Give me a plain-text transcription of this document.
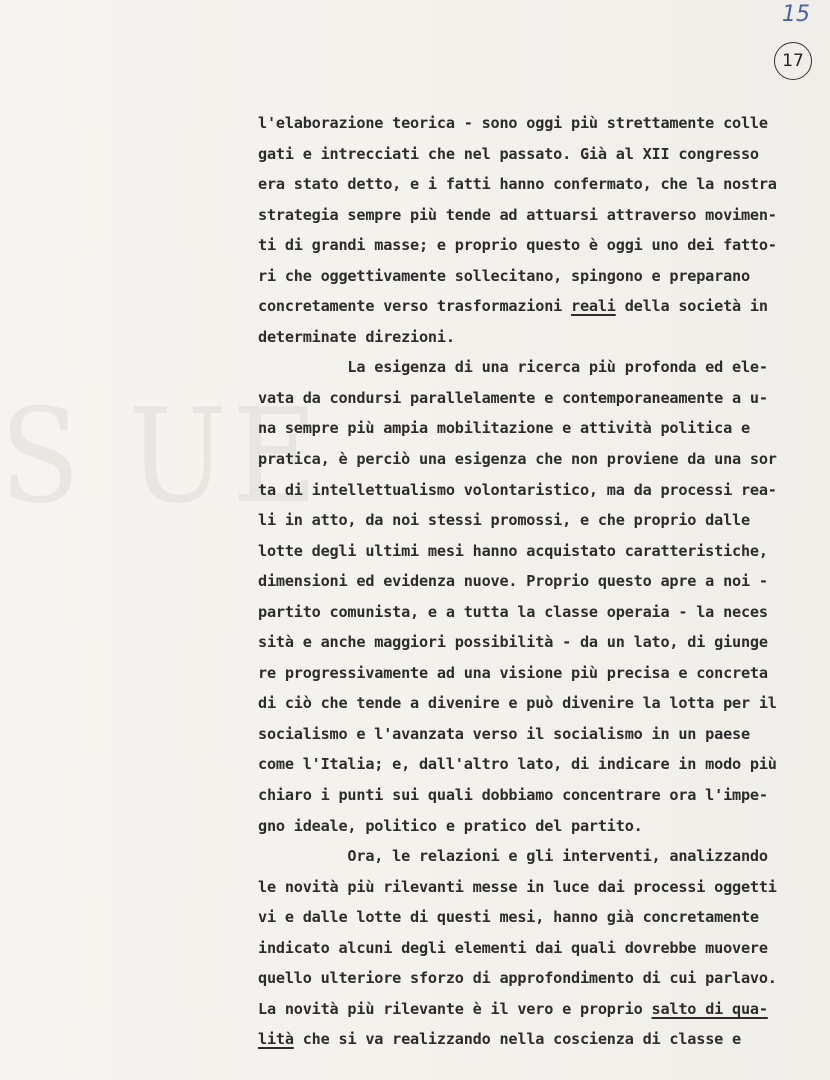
S UE
15
17
l'elaborazione teorica - sono oggi più strettamente colle
gati e intrecciati che nel passato. Già al XII congresso
era stato detto, e i fatti hanno confermato, che la nostra
strategia sempre più tende ad attuarsi attraverso movimen-
ti di grandi masse; e proprio questo è oggi uno dei fatto-
ri che oggettivamente sollecitano, spingono e preparano
concretamente verso trasformazioni reali della società in
determinate direzioni.
La esigenza di una ricerca più profonda ed ele-
vata da condursi parallelamente e contemporaneamente a u-
na sempre più ampia mobilitazione e attività politica e
pratica, è perciò una esigenza che non proviene da una sor
ta di intellettualismo volontaristico, ma da processi rea-
li in atto, da noi stessi promossi, e che proprio dalle
lotte degli ultimi mesi hanno acquistato caratteristiche,
dimensioni ed evidenza nuove. Proprio questo apre a noi -
partito comunista, e a tutta la classe operaia - la neces
sità e anche maggiori possibilità - da un lato, di giunge
re progressivamente ad una visione più precisa e concreta
di ciò che tende a divenire e può divenire la lotta per il
socialismo e l'avanzata verso il socialismo in un paese
come l'Italia; e, dall'altro lato, di indicare in modo più
chiaro i punti sui quali dobbiamo concentrare ora l'impe-
gno ideale, politico e pratico del partito.
Ora, le relazioni e gli interventi, analizzando
le novità più rilevanti messe in luce dai processi oggetti
vi e dalle lotte di questi mesi, hanno già concretamente
indicato alcuni degli elementi dai quali dovrebbe muovere
quello ulteriore sforzo di approfondimento di cui parlavo.
La novità più rilevante è il vero e proprio salto di qua-
lità che si va realizzando nella coscienza di classe e
